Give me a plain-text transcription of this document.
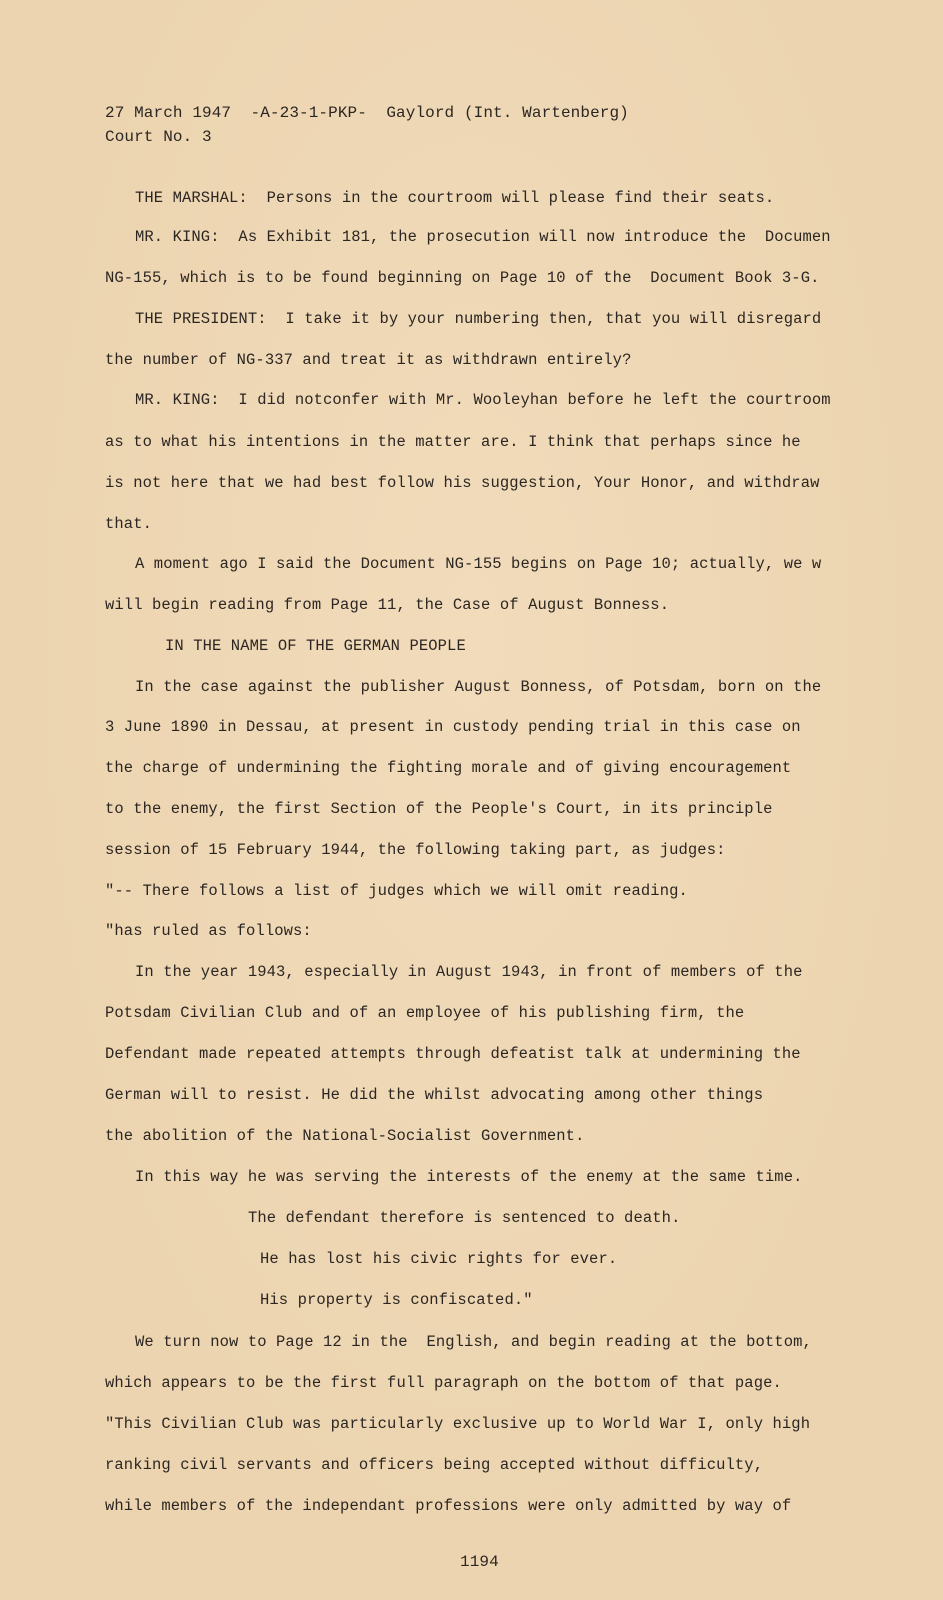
27 March 1947  -A-23-1-PKP-  Gaylord (Int. Wartenberg)
Court No. 3
THE MARSHAL:  Persons in the courtroom will please find their seats.
MR. KING:  As Exhibit 181, the prosecution will now introduce the  Documen
NG-155, which is to be found beginning on Page 10 of the  Document Book 3-G.
THE PRESIDENT:  I take it by your numbering then, that you will disregard
the number of NG-337 and treat it as withdrawn entirely?
MR. KING:  I did notconfer with Mr. Wooleyhan before he left the courtroom
as to what his intentions in the matter are. I think that perhaps since he
is not here that we had best follow his suggestion, Your Honor, and withdraw
that.
A moment ago I said the Document NG-155 begins on Page 10; actually, we w
will begin reading from Page 11, the Case of August Bonness.
IN THE NAME OF THE GERMAN PEOPLE
In the case against the publisher August Bonness, of Potsdam, born on the
3 June 1890 in Dessau, at present in custody pending trial in this case on
the charge of undermining the fighting morale and of giving encouragement
to the enemy, the first Section of the People's Court, in its principle
session of 15 February 1944, the following taking part, as judges:
"-- There follows a list of judges which we will omit reading.
"has ruled as follows:
In the year 1943, especially in August 1943, in front of members of the
Potsdam Civilian Club and of an employee of his publishing firm, the
Defendant made repeated attempts through defeatist talk at undermining the
German will to resist. He did the whilst advocating among other things
the abolition of the National-Socialist Government.
In this way he was serving the interests of the enemy at the same time.
The defendant therefore is sentenced to death.
He has lost his civic rights for ever.
His property is confiscated."
We turn now to Page 12 in the  English, and begin reading at the bottom,
which appears to be the first full paragraph on the bottom of that page.
"This Civilian Club was particularly exclusive up to World War I, only high
ranking civil servants and officers being accepted without difficulty,
while members of the independant professions were only admitted by way of
1194
